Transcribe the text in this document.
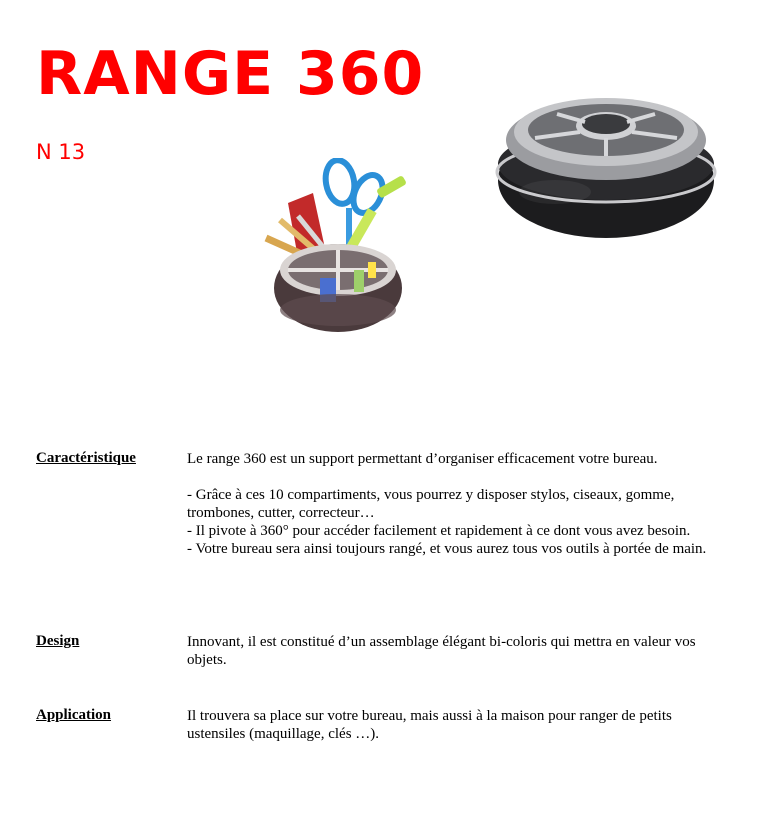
RANGE 360
N 13
Caractéristique	Le range 360 est un support permettant d’organiser efficacement votre bureau.

- Grâce à ces 10 compartiments, vous pourrez y disposer stylos, ciseaux, gomme, trombones, cutter, correcteur…

- Il pivote à 360° pour accéder facilement et rapidement à ce dont vous avez besoin.

- Votre bureau sera ainsi toujours rangé, et vous aurez tous vos outils à portée de main.

Design	Innovant, il est constitué d’un assemblage élégant bi-coloris qui mettra en valeur vos objets.

Application	Il trouvera sa place sur votre bureau, mais aussi à la maison pour ranger de petits ustensiles (maquillage, clés …).
